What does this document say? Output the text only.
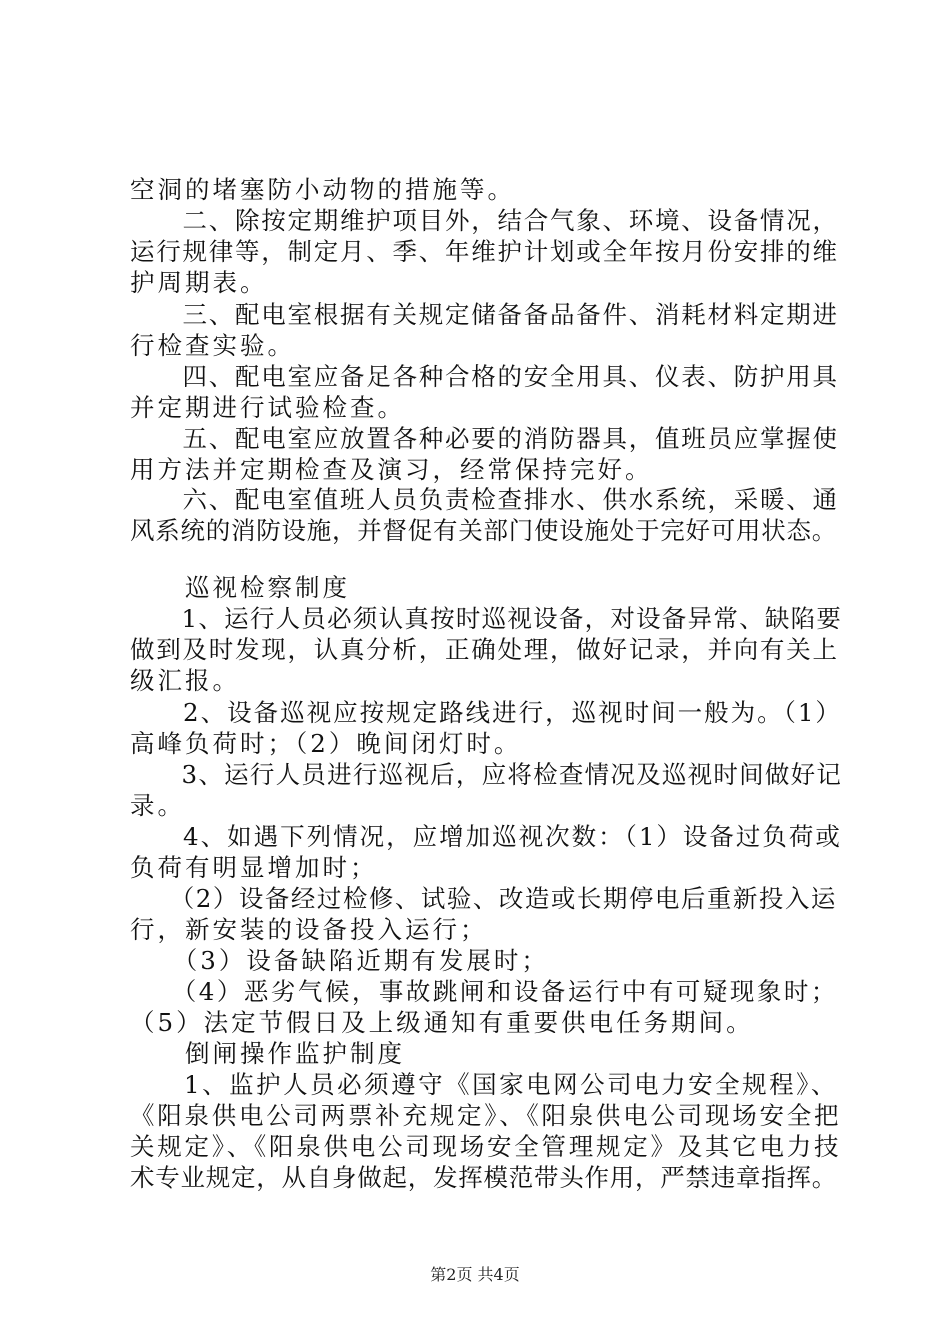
空洞的堵塞防小动物的措施等。
　　二、除按定期维护项目外，结合气象、环境、设备情况，
运行规律等，制定月、季、年维护计划或全年按月份安排的维
护周期表。
　　三、配电室根据有关规定储备备品备件、消耗材料定期进
行检查实验。
　　四、配电室应备足各种合格的安全用具、仪表、防护用具
并定期进行试验检查。
　　五、配电室应放置各种必要的消防器具，值班员应掌握使
用方法并定期检查及演习，经常保持完好。
　　六、配电室值班人员负责检查排水、供水系统，采暖、通
风系统的消防设施，并督促有关部门使设施处于完好可用状态。
　　巡视检察制度
　　1、运行人员必须认真按时巡视设备，对设备异常、缺陷要
做到及时发现，认真分析，正确处理，做好记录，并向有关上
级汇报。
　　2、设备巡视应按规定路线进行，巡视时间一般为。（1）
高峰负荷时；（2）晚间闭灯时。
　　3、运行人员进行巡视后，应将检查情况及巡视时间做好记
录。
　　4、如遇下列情况，应增加巡视次数：（1）设备过负荷或
负荷有明显增加时；
　　（2）设备经过检修、试验、改造或长期停电后重新投入运
行，新安装的设备投入运行；
　　（3）设备缺陷近期有发展时；
　　（4）恶劣气候，事故跳闸和设备运行中有可疑现象时；
（5）法定节假日及上级通知有重要供电任务期间。
　　倒闸操作监护制度
　　1、监护人员必须遵守《国家电网公司电力安全规程》、
《阳泉供电公司两票补充规定》、《阳泉供电公司现场安全把
关规定》、《阳泉供电公司现场安全管理规定》及其它电力技
术专业规定，从自身做起，发挥模范带头作用，严禁违章指挥。
第2页 共4页
